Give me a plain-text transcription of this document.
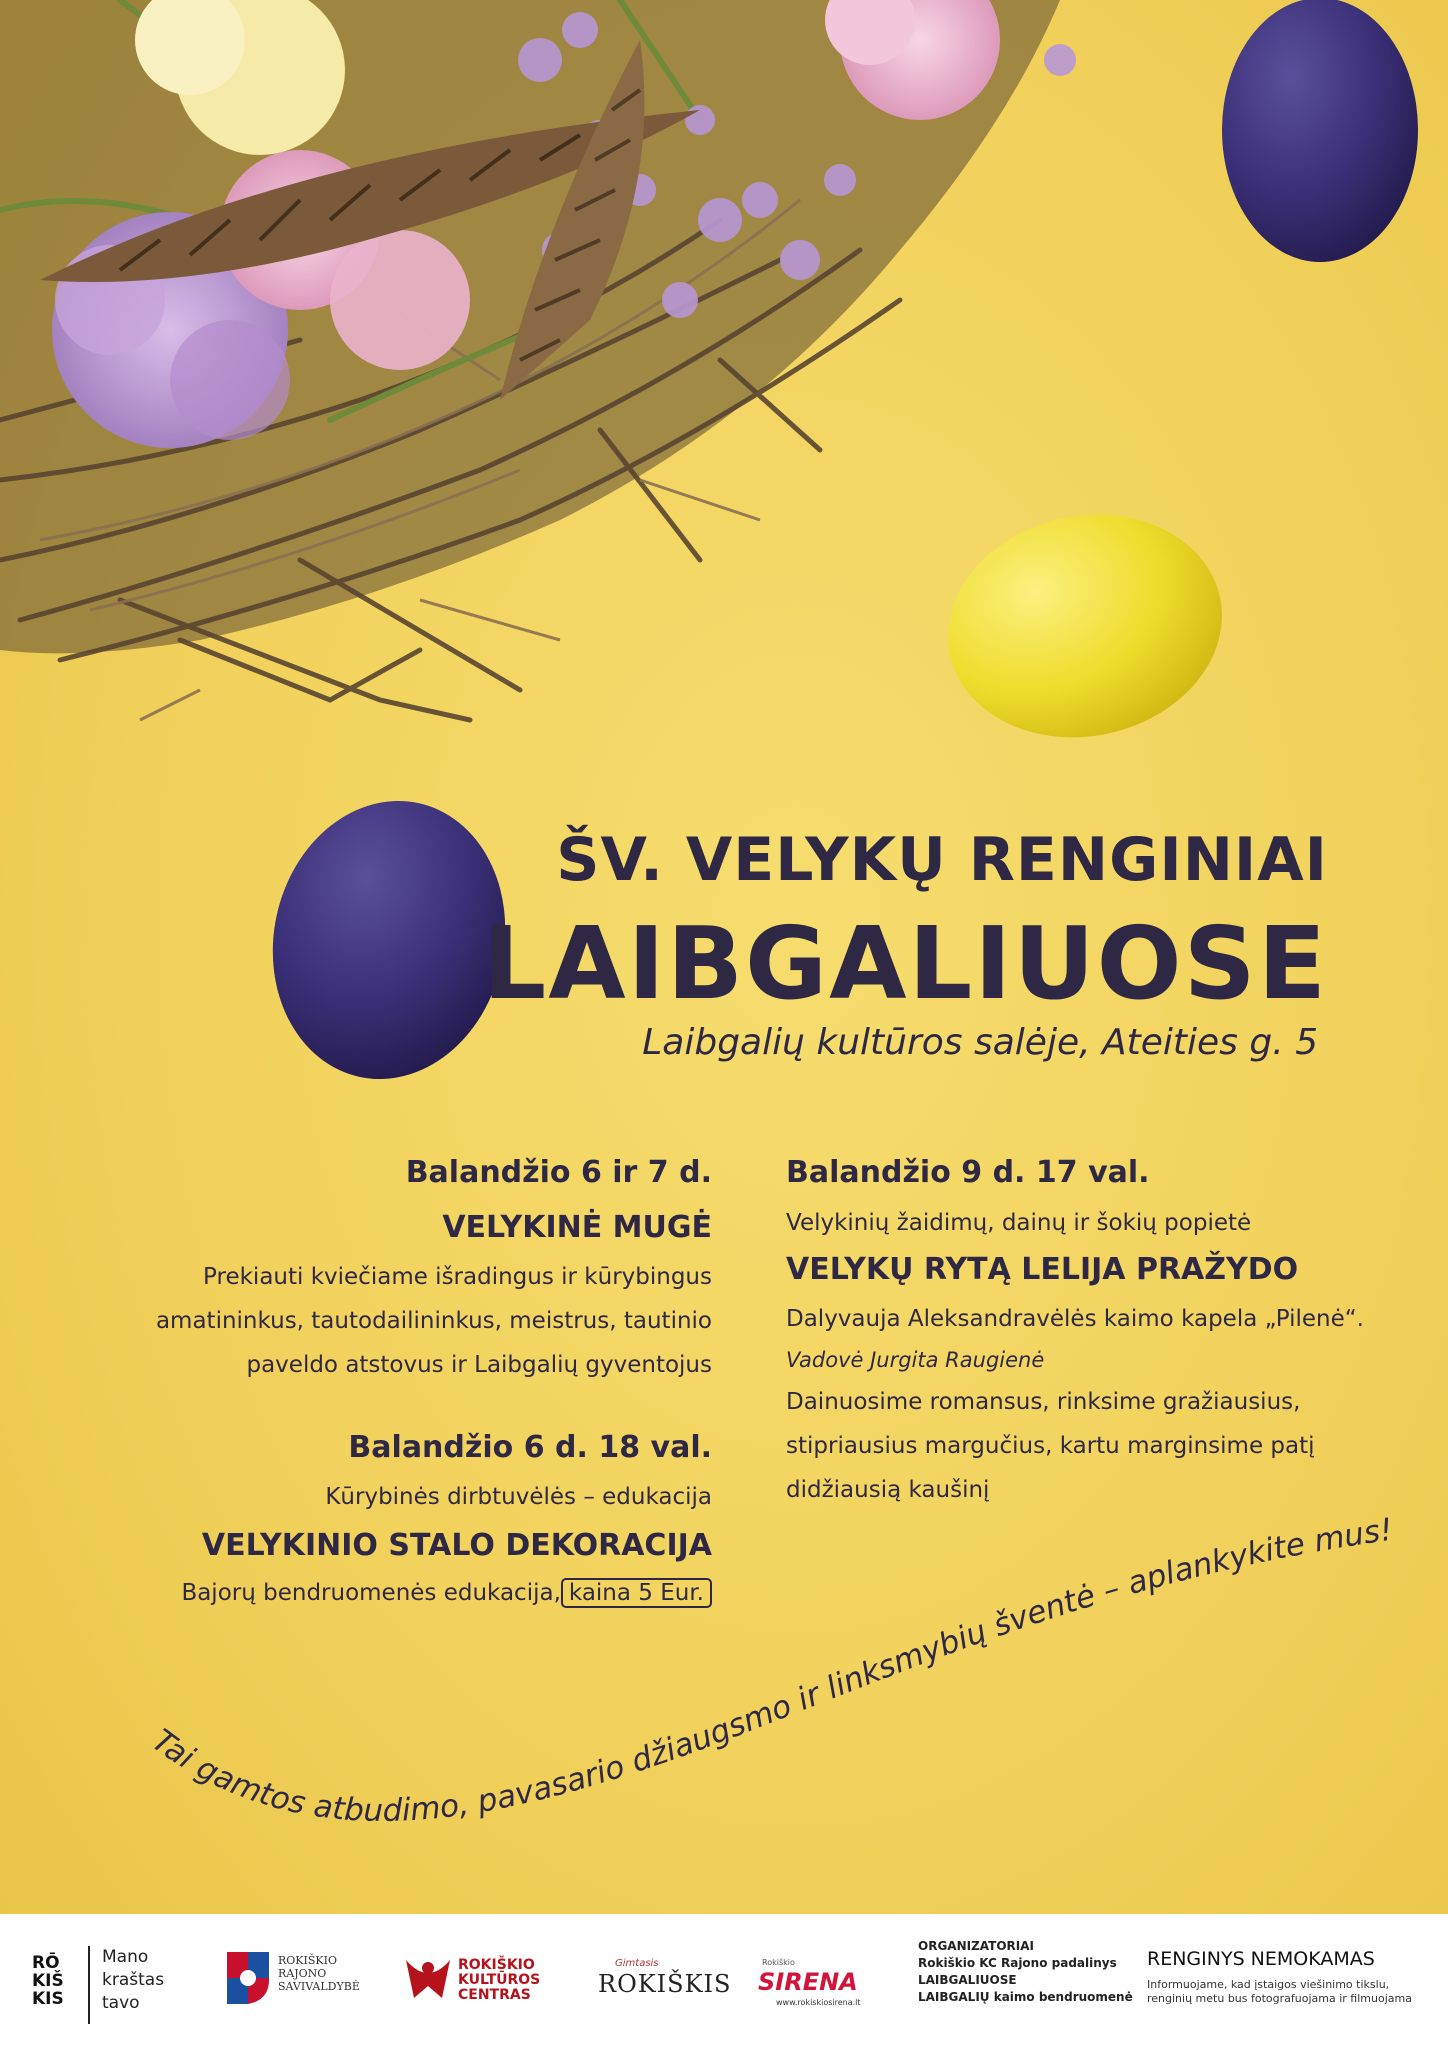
ŠV. VELYKŲ RENGINIAI
LAIBGALIUOSE
Laibgalių kultūros salėje, Ateities g. 5
Balandžio 6 ir 7 d.
VELYKINĖ MUGĖ
Prekiauti kviečiame išradingus ir kūrybingus
amatininkus, tautodailininkus, meistrus, tautinio
paveldo atstovus ir Laibgalių gyventojus
Balandžio 6 d. 18 val.
Kūrybinės dirbtuvėlės – edukacija
VELYKINIO STALO DEKORACIJA
Bajorų bendruomenės edukacija, kaina 5 Eur.
Balandžio 9 d. 17 val.
Velykinių žaidimų, dainų ir šokių popietė
VELYKŲ RYTĄ LELIJA PRAŽYDO
Dalyvauja Aleksandravėlės kaimo kapela „Pilenė“.
Vadovė Jurgita Raugienė
Dainuosime romansus, rinksime gražiausius,
stipriausius margučius, kartu marginsime patį
didžiausią kaušinį
Tai gamtos atbudimo, pavasario džiaugsmo ir linksmybių šventė – aplankykite mus!
RŌ KIŠ KIS
Mano
kraštas
tavo
ROKIŠKIO
RAJONO
SAVIVALDYBĖ
ROKIŠKIO
KULTŪROS
CENTRAS
Gimtasis
ROKIŠKIS
Rokiškio
SIRENA
www.rokiskiosirena.lt
ORGANIZATORIAI
Rokiškio KC Rajono padalinys
LAIBGALIUOSE
LAIBGALIŲ kaimo bendruomenė
RENGINYS NEMOKAMAS
Informuojame, kad įstaigos viešinimo tikslu,
renginių metu bus fotografuojama ir filmuojama
